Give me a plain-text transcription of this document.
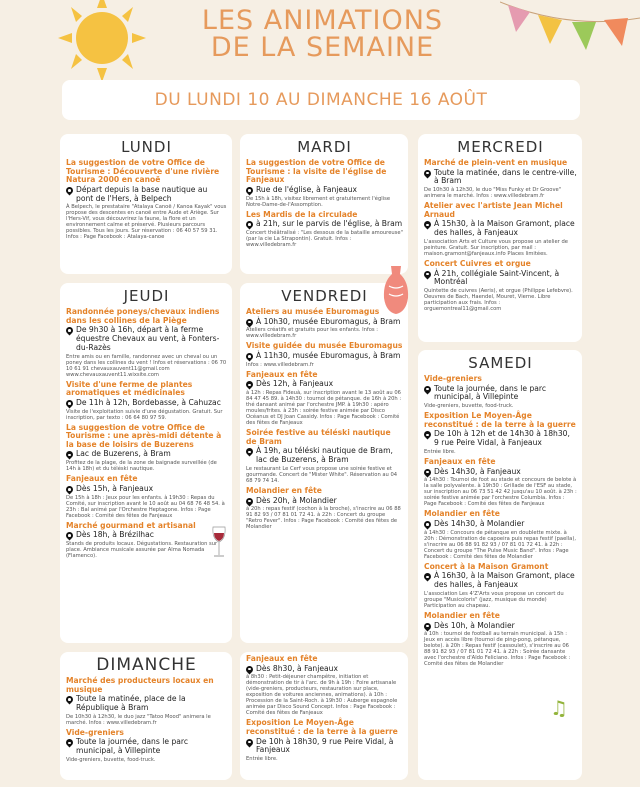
LES ANIMATIONS
DE LA SEMAINE
DU LUNDI 10 AU DIMANCHE 16 AOÛT
LUNDI
La suggestion de votre Office de Tourisme : Découverte d'une rivière Natura 2000 en canoë
Départ depuis la base nautique au pont de l'Hers, à Belpech
À Belpech, le prestataire "Atalaya Canoë / Kanoa Kayak" vous propose des descentes en canoë entre Aude et Ariège. Sur l'Hers-Vif, vous découvrirez la faune, la flore et un environnement calme et préservé. Plusieurs parcours possibles. Tous les jours. Sur réservation : 06 40 57 59 31. Infos : Page Facebook : Atalaya-canoe
MARDI
La suggestion de votre Office de Tourisme : la visite de l'église de Fanjeaux
Rue de l'église, à Fanjeaux
De 15h à 18h, visitez librement et gratuitement l'église Notre-Dame-de-l'Assomption.
Les Mardis de la circulade
à 21h, sur le parvis de l'église, à Bram
Concert théâtralisé : "Les dessous de la bataille amoureuse" (par la cie La Strapontin). Gratuit. Infos : www.villedebram.fr
MERCREDI
Marché de plein-vent en musique
Toute la matinée, dans le centre-ville, à Bram
De 10h30 à 12h30, le duo "Miss Funky et Dr Groove" animera le marché. Infos : www.villedebram.fr
Atelier avec l'artiste Jean Michel Arnaud
À 15h30, à la Maison Gramont, place des halles, à Fanjeaux
L'association Arts et Culture vous propose un atelier de peinture. Gratuit. Sur inscription, par mail : maison.gramont@fanjeaux.info Places limitées.
Concert Cuivres et orgue
À 21h, collégiale Saint-Vincent, à Montréal
Quintette de cuivres (Aeris), et orgue (Philippe Lefebvre). Oeuvres de Bach, Haendel, Mouret, Vierne. Libre participation aux frais. Infos : orguemontreal11@gmail.com
JEUDI
Randonnée poneys/chevaux indiens dans les collines de la Piège
De 9h30 à 16h, départ à la ferme équestre Chevaux au vent, à Fonters-du-Razès
Entre amis ou en famille, randonnez avec un cheval ou un poney dans les collines du vent ! Infos et réservations : 06 70 10 61 91 chevauxauvent11@gmail.com www.chevauxauvent11.wixsite.com
Visite d'une ferme de plantes aromatiques et médicinales
De 11h à 12h, Bordebasse, à Cahuzac
Visite de l'exploitation suivie d'une dégustation. Gratuit. Sur inscription, par texto : 06 64 80 97 59.
La suggestion de votre Office de Tourisme : une après-midi détente à la base de loisirs de Buzerens
Lac de Buzerens, à Bram
Profitez de la plage, de la zone de baignade surveillée (de 14h à 18h) et du téléski nautique.
Fanjeaux en fête
Dès 15h, à Fanjeaux
De 15h à 18h : Jeux pour les enfants. à 19h30 : Repas du Comité, sur inscription avant le 10 août au 04 68 76 48 54. à 23h : Bal animé par l'Orchestre Heptagone. Infos : Page Facebook : Comité des fêtes de Fanjeaux
Marché gourmand et artisanal
Dès 18h, à Brézilhac
Stands de produits locaux. Dégustations. Restauration sur place. Ambiance musicale assurée par Alma Nomada (Flamenco).
VENDREDI
Ateliers au musée Eburomagus
À 10h30, musée Eburomagus, à Bram
Ateliers créatifs et gratuits pour les enfants. Infos : www.villedebram.fr
Visite guidée du musée Eburomagus
À 11h30, musée Eburomagus, à Bram
Infos : www.villedebram.fr
Fanjeaux en fête
Dès 12h, à Fanjeaux
à 12h : Repas Fideuà, sur inscription avant le 13 août au 06 84 47 45 89. à 14h30 : tournoi de pétanque. de 16h à 20h : thé dansant animé par l'orchestre JMP. à 19h30 : apéro moules/frites. à 23h : soirée festive animée par Disco Océanus et DJ Joan Cassidy. Infos : Page Facebook : Comité des fêtes de Fanjeaux
Soirée festive au téléski nautique de Bram
À 19h, au téléski nautique de Bram, lac de Buzerens, à Bram
Le restaurant Le Cerf vous propose une soirée festive et gourmande. Concert de "Mister White". Réservation au 04 68 79 74 14.
Molandier en fête
Dès 20h, à Molandier
à 20h : repas festif (cochon à la broche), s'inscrire au 06 88 91 82 93 / 07 81 01 72 41. à 22h : Concert du groupe "Retro Fever". Infos : Page Facebook : Comité des fêtes de Molandier
SAMEDI
Vide-greniers
Toute la journée, dans le parc municipal, à Villepinte
Vide-greniers, buvette, food-truck.
Exposition Le Moyen-Âge reconstitué : de la terre à la guerre
De 10h à 12h et de 14h30 à 18h30, 9 rue Peire Vidal, à Fanjeaux
Entrée libre.
Fanjeaux en fête
Dès 14h30, à Fanjeaux
à 14h30 : Tournoi de foot au stade et concours de belote à la salle polyvalente. à 19h30 : Grillade de l'ESF au stade, sur inscription au 06 73 51 42 42 jusqu'au 10 août. à 23h : soirée festive animée par l'orchestre Columbia. Infos : Page Facebook : Comité des fêtes de Fanjeaux
Molandier en fête
Dès 14h30, à Molandier
à 14h30 : Concours de pétanque en doublette mixte. à 20h : Démonstration de capoeira puis repas festif (paella), s'inscrire au 06 88 91 82 93 / 07 81 01 72 41. à 22h : Concert du groupe "The Pulse Music Band". Infos : Page Facebook : Comité des fêtes de Molandier
Concert à la Maison Gramont
À 16h30, à la Maison Gramont, place des halles, à Fanjeaux
L'association Les 4'Z'Arts vous propose un concert du groupe "Musicoloris" (jazz, musique du monde) Participation au chapeau.
Molandier en fête
Dès 10h, à Molandier
à 10h : tournoi de football au terrain municipal. à 15h : Jeux en accès libre (tournoi de ping-pong, pétanque, belote). à 20h : Repas festif (cassoulet), s'inscrire au 06 88 91 82 93 / 07 81 01 72 41. à 22h : Soirée dansante avec l'orchestre d'Aldo Feliciano. Infos : Page Facebook : Comité des fêtes de Molandier
DIMANCHE
Marché des producteurs locaux en musique
Toute la matinée, place de la République à Bram
De 10h30 à 12h30, le duo jazz "Tatoo Mood" animera le marché. Infos : www.villedebram.fr
Vide-greniers
Toute la journée, dans le parc municipal, à Villepinte
Vide-greniers, buvette, food-truck.
Fanjeaux en fête
Dès 8h30, à Fanjeaux
à 8h30 : Petit-déjeuner champêtre, initiation et démonstration de tir à l'arc. de 9h à 19h : Foire artisanale (vide-greniers, producteurs, restauration sur place, exposition de voitures anciennes, animations). à 10h : Procession de la Saint-Roch. à 19h30 : Auberge espagnole animée par Disco Sound Concept. Infos : Page Facebook : Comité des fêtes de Fanjeaux
Exposition Le Moyen-Âge reconstitué : de la terre à la guerre
De 10h à 18h30, 9 rue Peire Vidal, à Fanjeaux
Entrée libre.
♫
